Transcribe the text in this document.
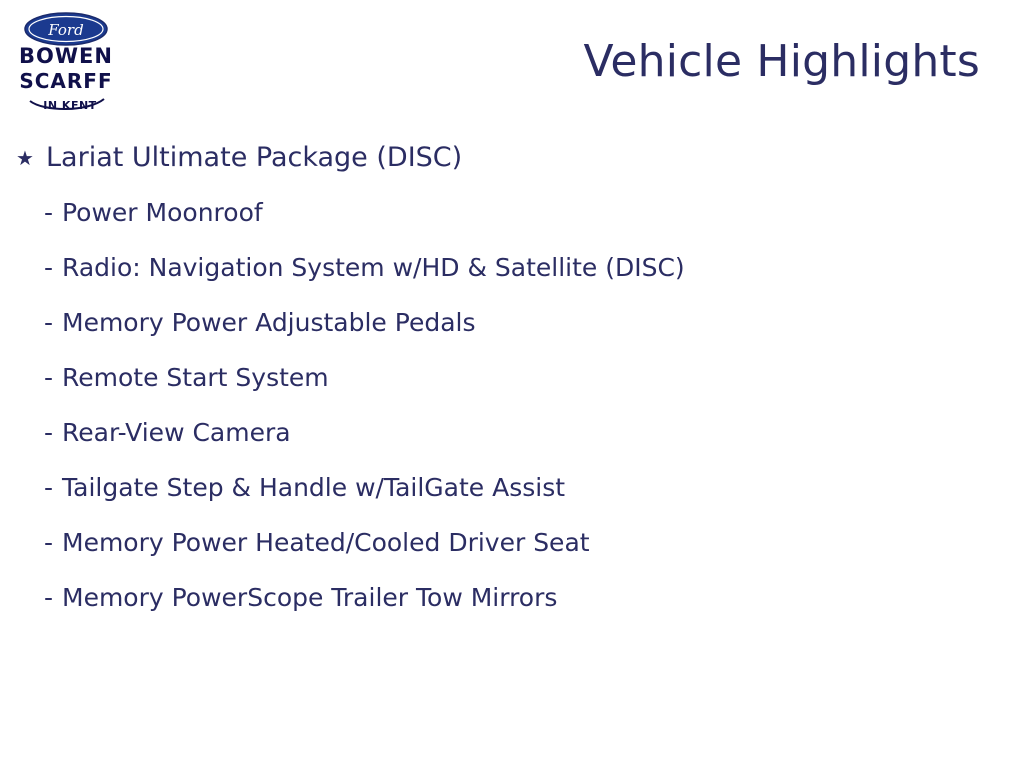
Ford
BOWEN
SCARFF
IN KENT
Vehicle Highlights
★ Lariat Ultimate Package (DISC)
- Power Moonroof
- Radio: Navigation System w/HD & Satellite (DISC)
- Memory Power Adjustable Pedals
- Remote Start System
- Rear-View Camera
- Tailgate Step & Handle w/TailGate Assist
- Memory Power Heated/Cooled Driver Seat
- Memory PowerScope Trailer Tow Mirrors
